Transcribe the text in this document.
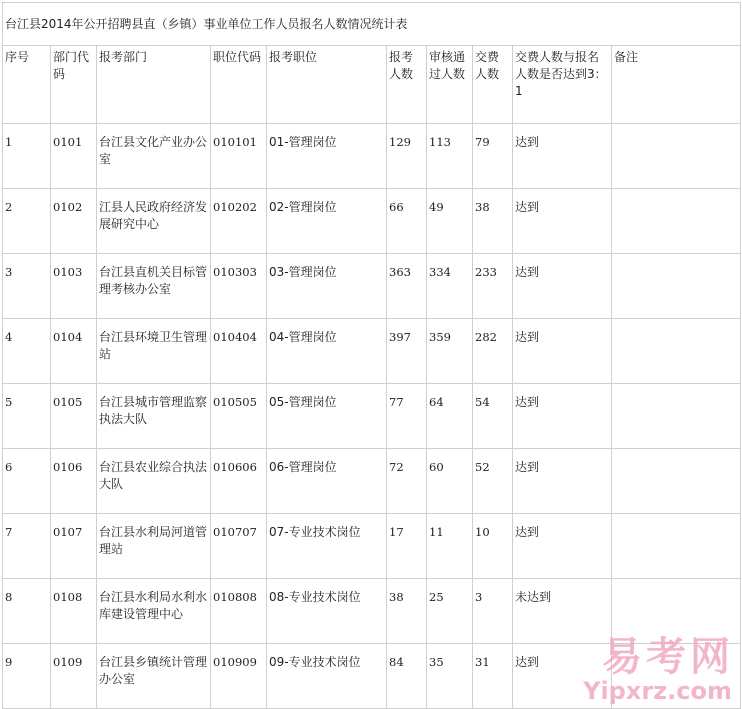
台江县2014年公开招聘县直（乡镇）事业单位工作人员报名人数情况统计表									
序号	部门代码	报考部门	职位代码	报考职位	报考人数	审核通过人数	交费人数	交费人数与报名人数是否达到3：1	备注
1	0101	台江县文化产业办公室	010101	01-管理岗位	129	113	79	达到	
2	0102	江县人民政府经济发展研究中心	010202	02-管理岗位	66	49	38	达到	
3	0103	台江县直机关目标管理考核办公室	010303	03-管理岗位	363	334	233	达到	
4	0104	台江县环境卫生管理站	010404	04-管理岗位	397	359	282	达到	
5	0105	台江县城市管理监察执法大队	010505	05-管理岗位	77	64	54	达到	
6	0106	台江县农业综合执法大队	010606	06-管理岗位	72	60	52	达到	
7	0107	台江县水利局河道管理站	010707	07-专业技术岗位	17	11	10	达到	
8	0108	台江县水利局水利水库建设管理中心	010808	08-专业技术岗位	38	25	3	未达到	
9	0109	台江县乡镇统计管理办公室	010909	09-专业技术岗位	84	35	31	达到	易考网
Yipxrz.com
